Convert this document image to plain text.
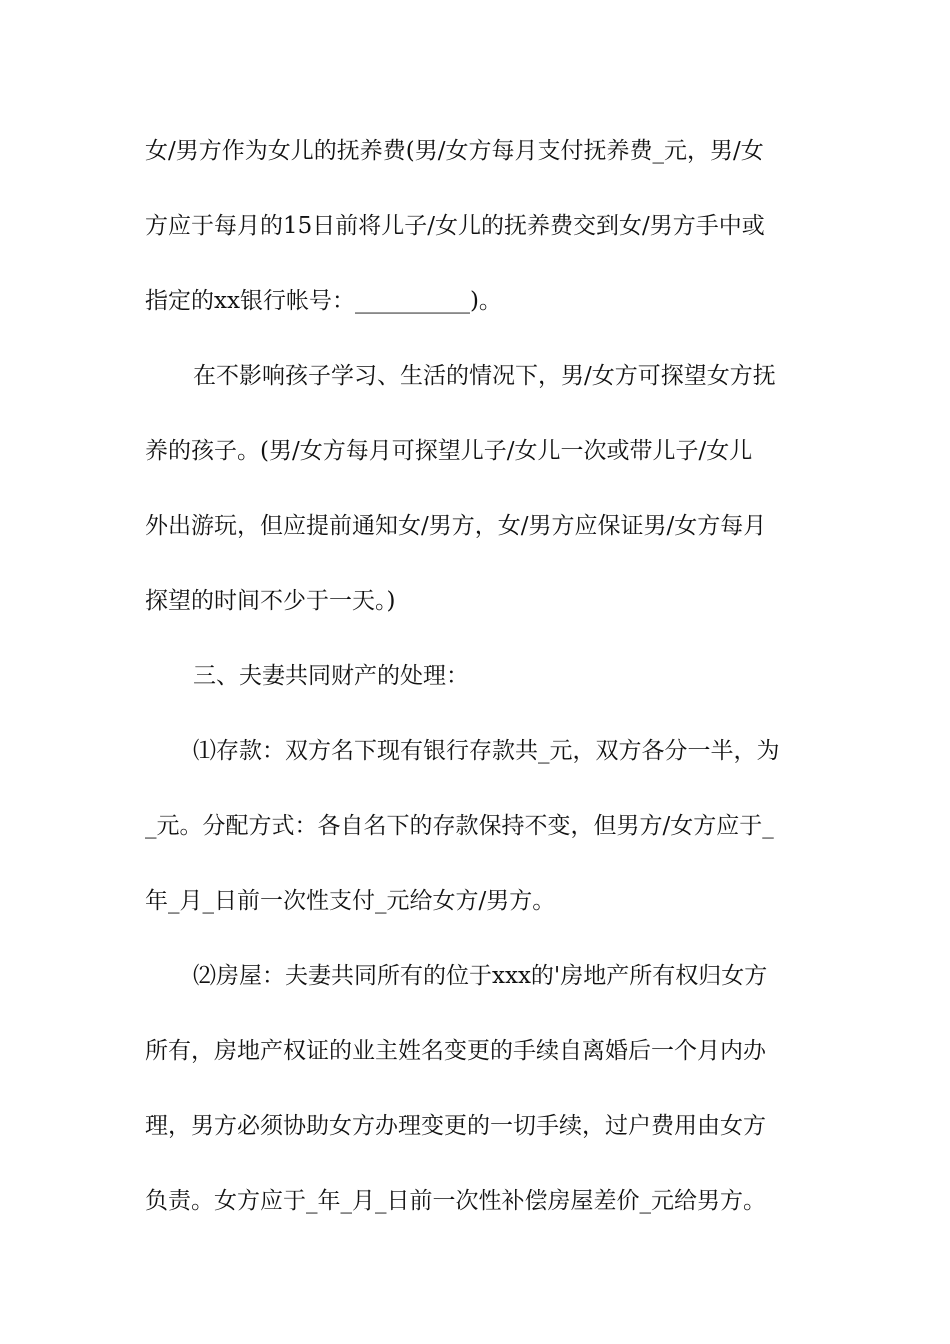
女/男方作为女儿的抚养费(男/女方每月支付抚养费_元，男/女

方应于每月的15日前将儿子/女儿的抚养费交到女/男方手中或

指定的xx银行帐号：__________)。

在不影响孩子学习、生活的情况下，男/女方可探望女方抚

养的孩子。(男/女方每月可探望儿子/女儿一次或带儿子/女儿

外出游玩，但应提前通知女/男方，女/男方应保证男/女方每月

探望的时间不少于一天。)

三、夫妻共同财产的处理：

⑴存款：双方名下现有银行存款共_元，双方各分一半，为

_元。分配方式：各自名下的存款保持不变，但男方/女方应于_

年_月_日前一次性支付_元给女方/男方。

⑵房屋：夫妻共同所有的位于xxx的'房地产所有权归女方

所有，房地产权证的业主姓名变更的手续自离婚后一个月内办

理，男方必须协助女方办理变更的一切手续，过户费用由女方

负责。女方应于_年_月_日前一次性补偿房屋差价_元给男方。
